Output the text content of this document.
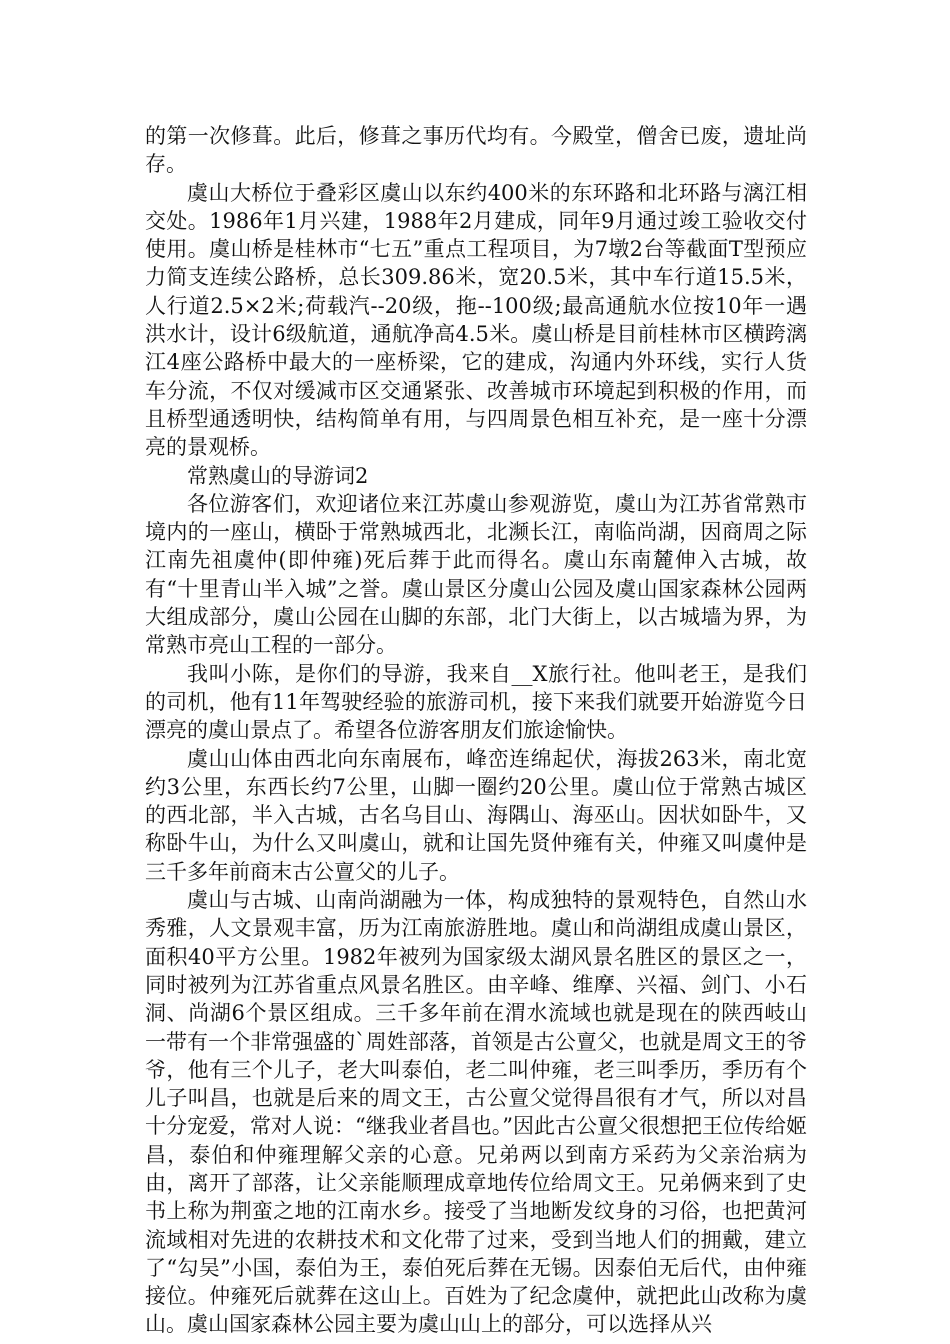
的第一次修葺。此后，修葺之事历代均有。今殿堂，僧舍已废，遗址尚存。

虞山大桥位于叠彩区虞山以东约400米的东环路和北环路与漓江相交处。1986年1月兴建，1988年2月建成，同年9月通过竣工验收交付使用。虞山桥是桂林市“七五”重点工程项目，为7墩2台等截面T型预应力简支连续公路桥，总长309.86米，宽20.5米，其中车行道15.5米，人行道2.5×2米;荷载汽--20级，拖--100级;最高通航水位按10年一遇洪水计，设计6级航道，通航净高4.5米。虞山桥是目前桂林市区横跨漓江4座公路桥中最大的一座桥梁，它的建成，沟通内外环线，实行人货车分流，不仅对缓减市区交通紧张、改善城市环境起到积极的作用，而且桥型通透明快，结构简单有用，与四周景色相互补充，是一座十分漂亮的景观桥。

常熟虞山的导游词2

各位游客们，欢迎诸位来江苏虞山参观游览，虞山为江苏省常熟市境内的一座山，横卧于常熟城西北，北濒长江，南临尚湖，因商周之际江南先祖虞仲(即仲雍)死后葬于此而得名。虞山东南麓伸入古城，故有“十里青山半入城”之誉。虞山景区分虞山公园及虞山国家森林公园两大组成部分，虞山公园在山脚的东部，北门大街上，以古城墙为界，为常熟市亮山工程的一部分。

我叫小陈，是你们的导游，我来自__X旅行社。他叫老王，是我们的司机，他有11年驾驶经验的旅游司机，接下来我们就要开始游览今日漂亮的虞山景点了。希望各位游客朋友们旅途愉快。

虞山山体由西北向东南展布，峰峦连绵起伏，海拔263米，南北宽约3公里，东西长约7公里，山脚一圈约20公里。虞山位于常熟古城区的西北部，半入古城，古名乌目山、海隅山、海巫山。因状如卧牛，又称卧牛山，为什么又叫虞山，就和让国先贤仲雍有关，仲雍又叫虞仲是三千多年前商末古公亶父的儿子。

虞山与古城、山南尚湖融为一体，构成独特的景观特色，自然山水秀雅，人文景观丰富，历为江南旅游胜地。虞山和尚湖组成虞山景区，面积40平方公里。1982年被列为国家级太湖风景名胜区的景区之一，同时被列为江苏省重点风景名胜区。由辛峰、维摩、兴福、剑门、小石洞、尚湖6个景区组成。三千多年前在渭水流域也就是现在的陕西岐山一带有一个非常强盛的`周姓部落，首领是古公亶父，也就是周文王的爷爷，他有三个儿子，老大叫泰伯，老二叫仲雍，老三叫季历，季历有个儿子叫昌，也就是后来的周文王，古公亶父觉得昌很有才气，所以对昌十分宠爱，常对人说：“继我业者昌也。”因此古公亶父很想把王位传给姬昌，泰伯和仲雍理解父亲的心意。兄弟两以到南方采药为父亲治病为由，离开了部落，让父亲能顺理成章地传位给周文王。兄弟俩来到了史书上称为荆蛮之地的江南水乡。接受了当地断发纹身的习俗，也把黄河流域相对先进的农耕技术和文化带了过来，受到当地人们的拥戴，建立了“勾吴”小国，泰伯为王，泰伯死后葬在无锡。因泰伯无后代，由仲雍接位。仲雍死后就葬在这山上。百姓为了纪念虞仲，就把此山改称为虞山。虞山国家森林公园主要为虞山山上的部分，可以选择从兴
